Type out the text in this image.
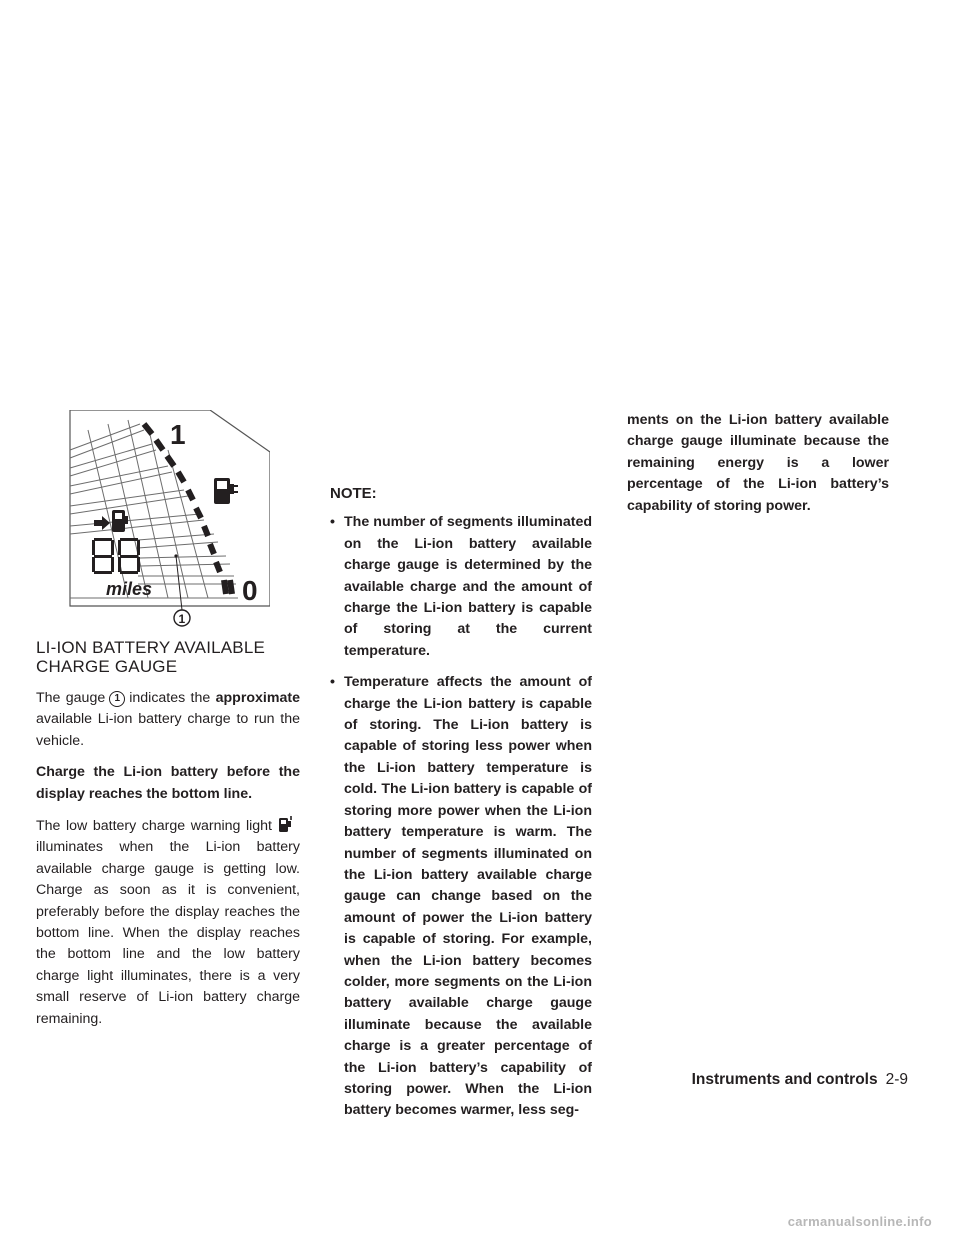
1
0
miles
1
LI-ION BATTERY AVAILABLE
CHARGE GAUGE

The gauge 1 indicates the approximate available Li-ion battery charge to run the vehicle.

Charge the Li-ion battery before the display reaches the bottom line.

The low battery charge warning lightilluminates when the Li-ion battery available charge gauge is getting low. Charge as soon as it is convenient, preferably before the display reaches the bottom line. When the display reaches the bottom line and the low battery charge light illuminates, there is a very small reserve of Li-ion battery charge remaining.

NOTE:
• The number of segments illuminated on the Li-ion battery available charge gauge is determined by the available charge and the amount of charge the Li-ion battery is capable of storing at the current temperature.
• Temperature affects the amount of charge the Li-ion battery is capable of storing. The Li-ion battery is capable of storing less power when the Li-ion battery temperature is cold. The Li-ion battery is capable of storing more power when the Li-ion battery temperature is warm. The number of segments illuminated on the Li-ion battery available charge gauge can change based on the amount of power the Li-ion battery is capable of storing. For example, when the Li-ion battery becomes colder, more segments on the Li-ion battery available charge gauge illuminate because the available charge is a greater percentage of the Li-ion battery’s capability of storing power. When the Li-ion battery becomes warmer, less seg-

ments on the Li-ion battery available charge gauge illuminate because the remaining energy is a lower percentage of the Li-ion battery’s capability of storing power.

Instruments and controls 2-9
carmanualsonline.info
